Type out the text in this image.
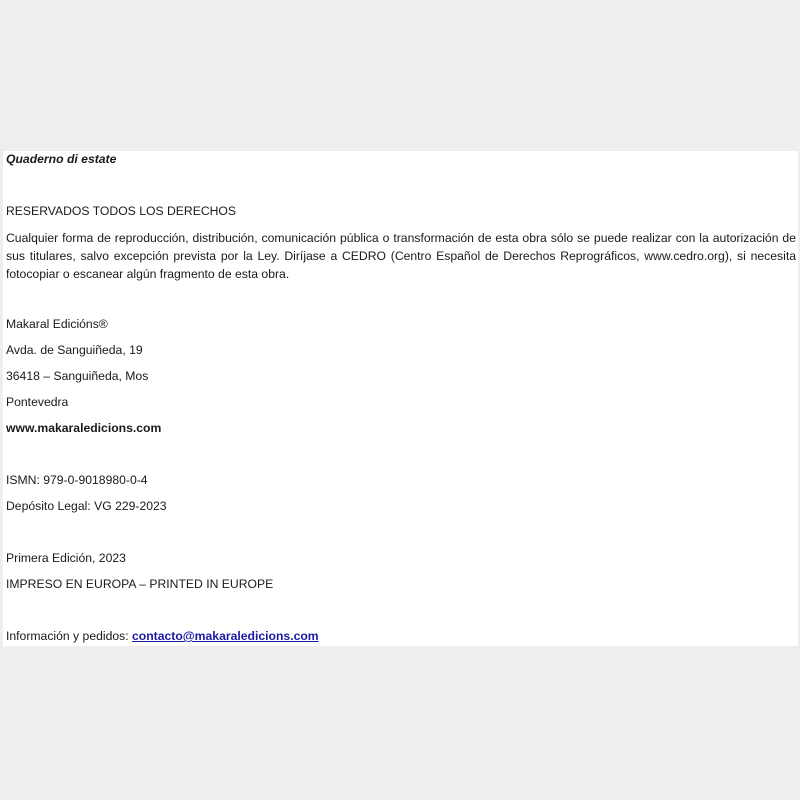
Quaderno di estate
RESERVADOS TODOS LOS DERECHOS
Cualquier forma de reproducción, distribución, comunicación pública o transformación de esta obra sólo se puede realizar con la autorización de sus titulares, salvo excepción prevista por la Ley. Diríjase a CEDRO (Centro Español de Derechos Reprográficos, www.cedro.org), si necesita fotocopiar o escanear algún fragmento de esta obra.
Makaral Edicións®
Avda. de Sanguiñeda, 19
36418 – Sanguiñeda, Mos
Pontevedra
www.makaraledicions.com
ISMN: 979-0-9018980-0-4
Depósito Legal: VG 229-2023
Primera Edición, 2023
IMPRESO EN EUROPA – PRINTED IN EUROPE
Información y pedidos: contacto@makaraledicions.com
